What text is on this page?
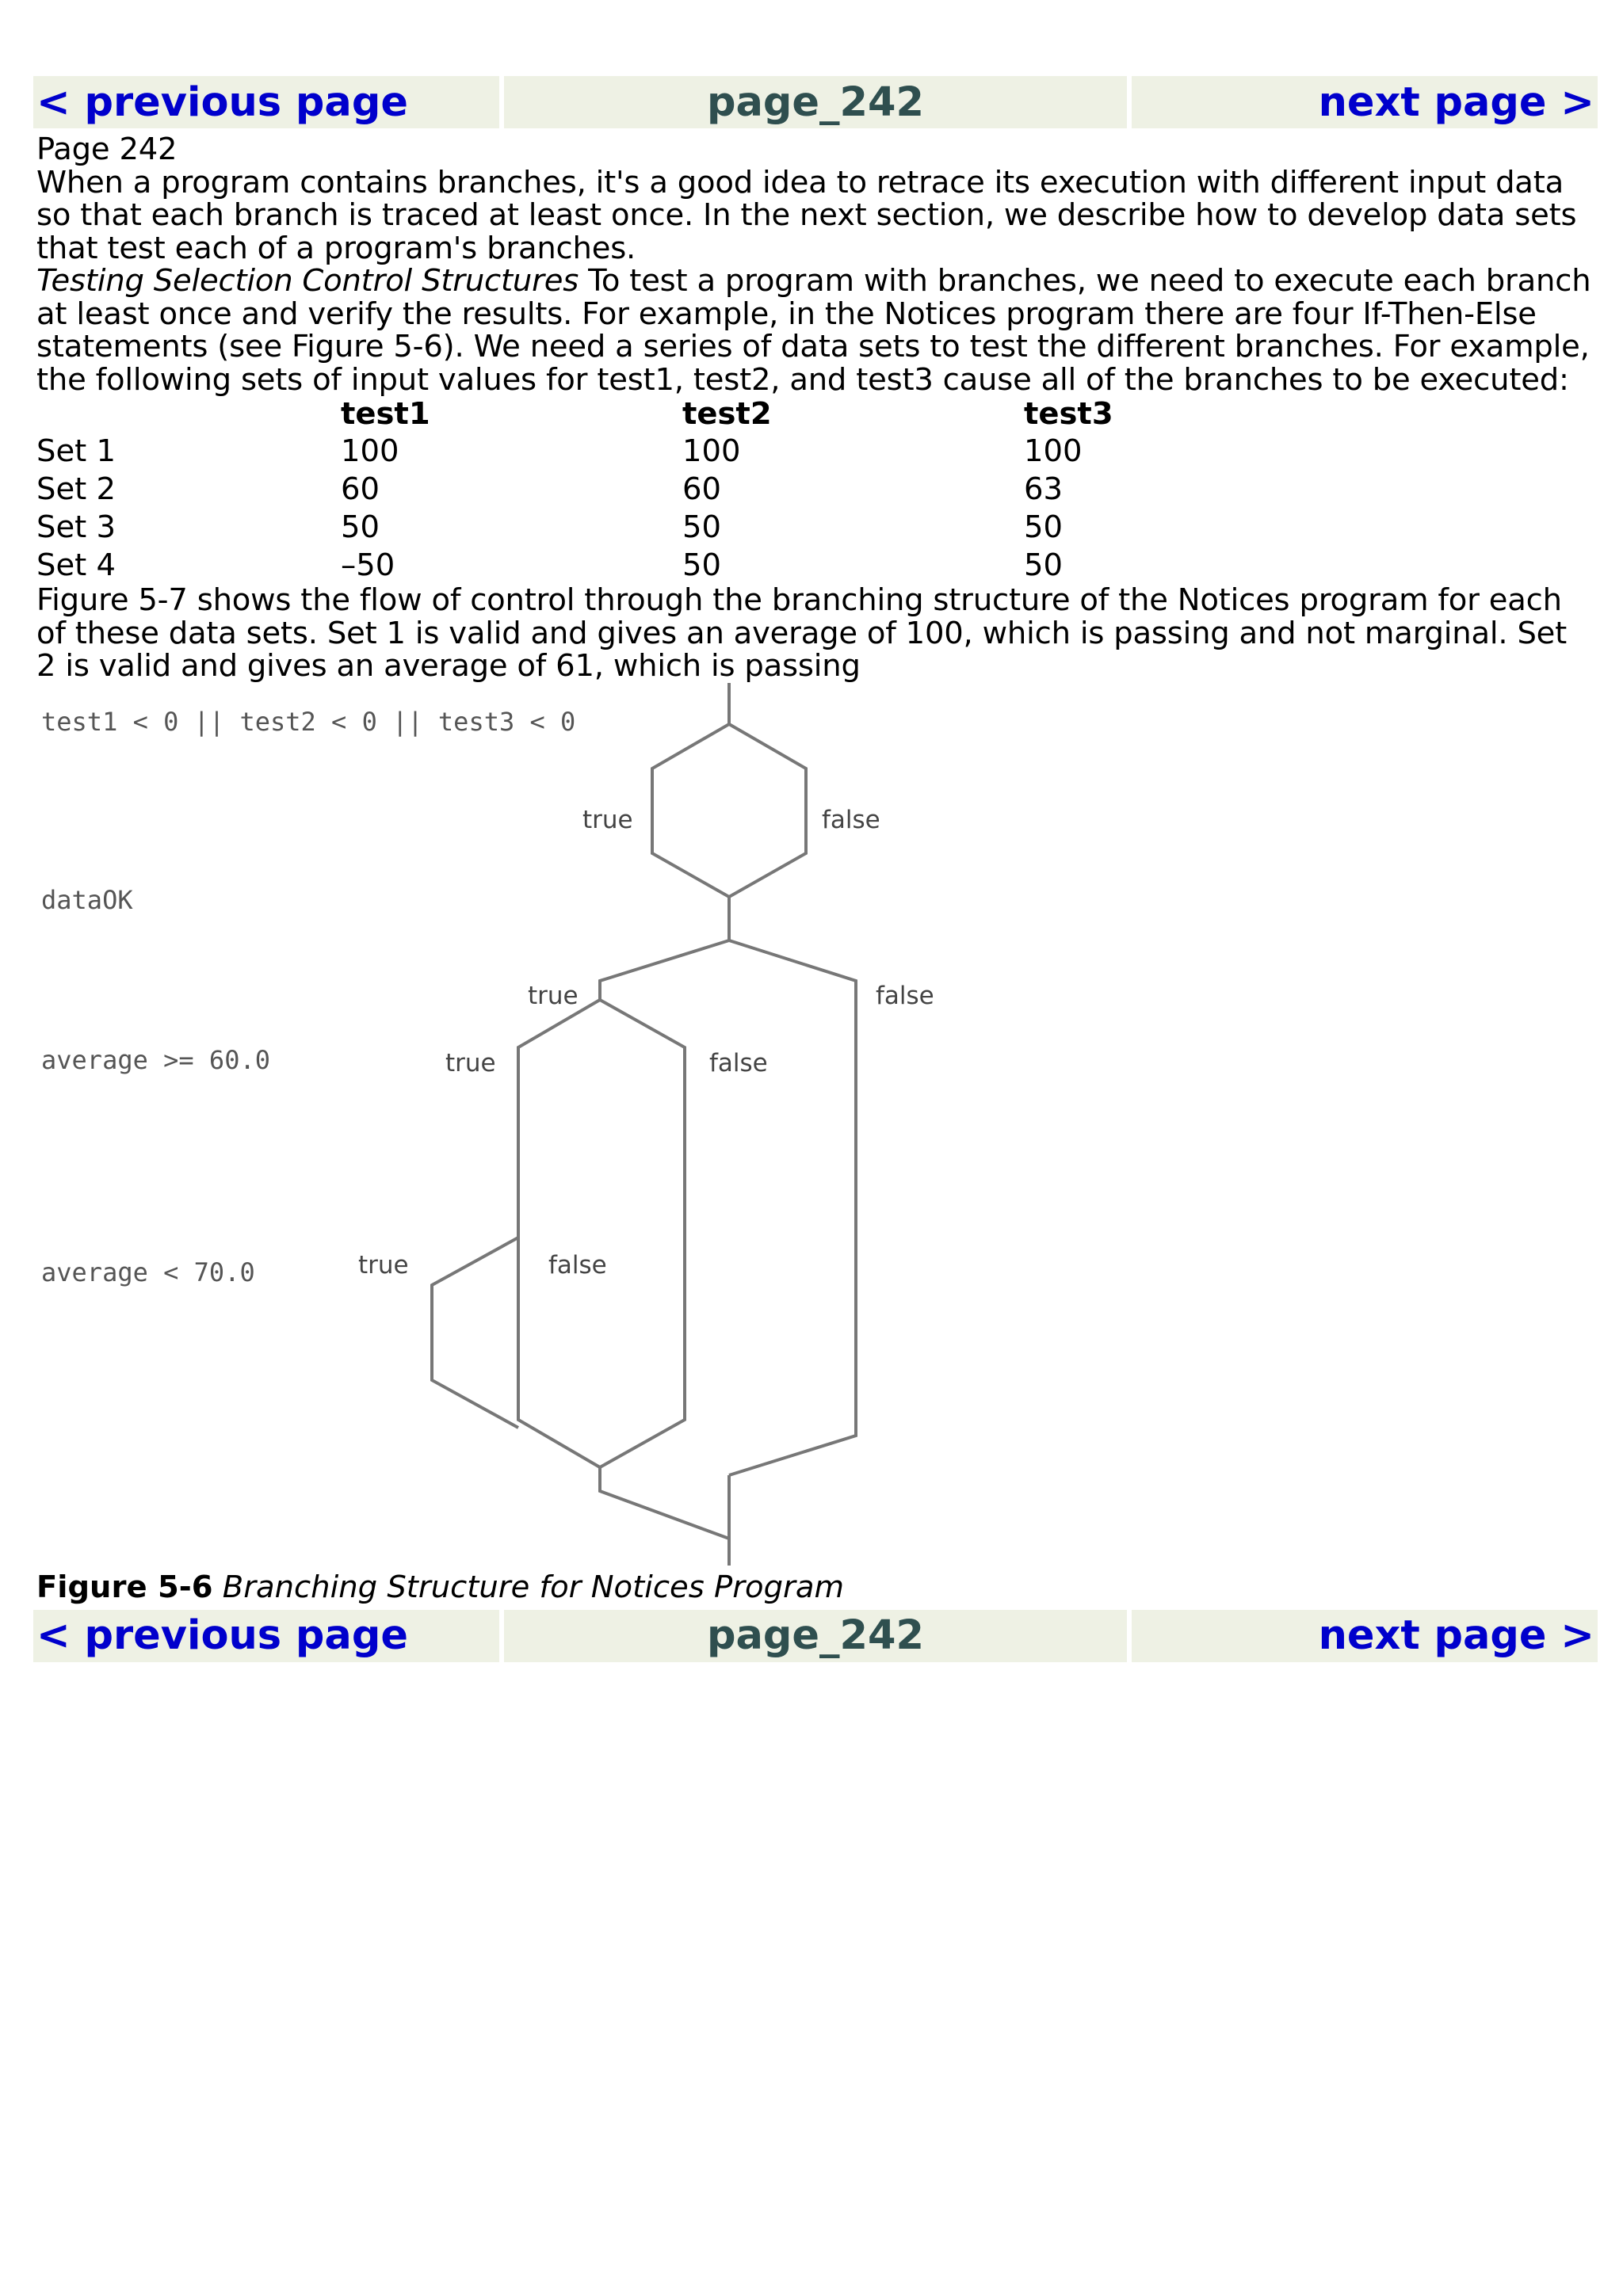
< previous page	page_242	next page >

Page 242

When a program contains branches, it's a good idea to retrace its execution with different input data so that each branch is traced at least once. In the next section, we describe how to develop data sets that test each of a program's branches.

Testing Selection Control Structures To test a program with branches, we need to execute each branch at least once and verify the results. For example, in the Notices program there are four If-Then-Else statements (see Figure 5-6). We need a series of data sets to test the different branches. For example, the following sets of input values for test1, test2, and test3 cause all of the branches to be executed:

	test1	test2	test3
Set 1	100	100	100
Set 2	60	60	63
Set 3	50	50	50
Set 4	–50	50	50

Figure 5-7 shows the flow of control through the branching structure of the Notices program for each of these data sets. Set 1 is valid and gives an average of 100, which is passing and not marginal. Set 2 is valid and gives an average of 61, which is passing

test1 < 0 || test2 < 0 || test3 < 0
dataOK
average >= 60.0
average < 70.0
true	false
true	false
true	false
true	false
Figure 5-6 Branching Structure for Notices Program
< previous page	page_242	next page >
